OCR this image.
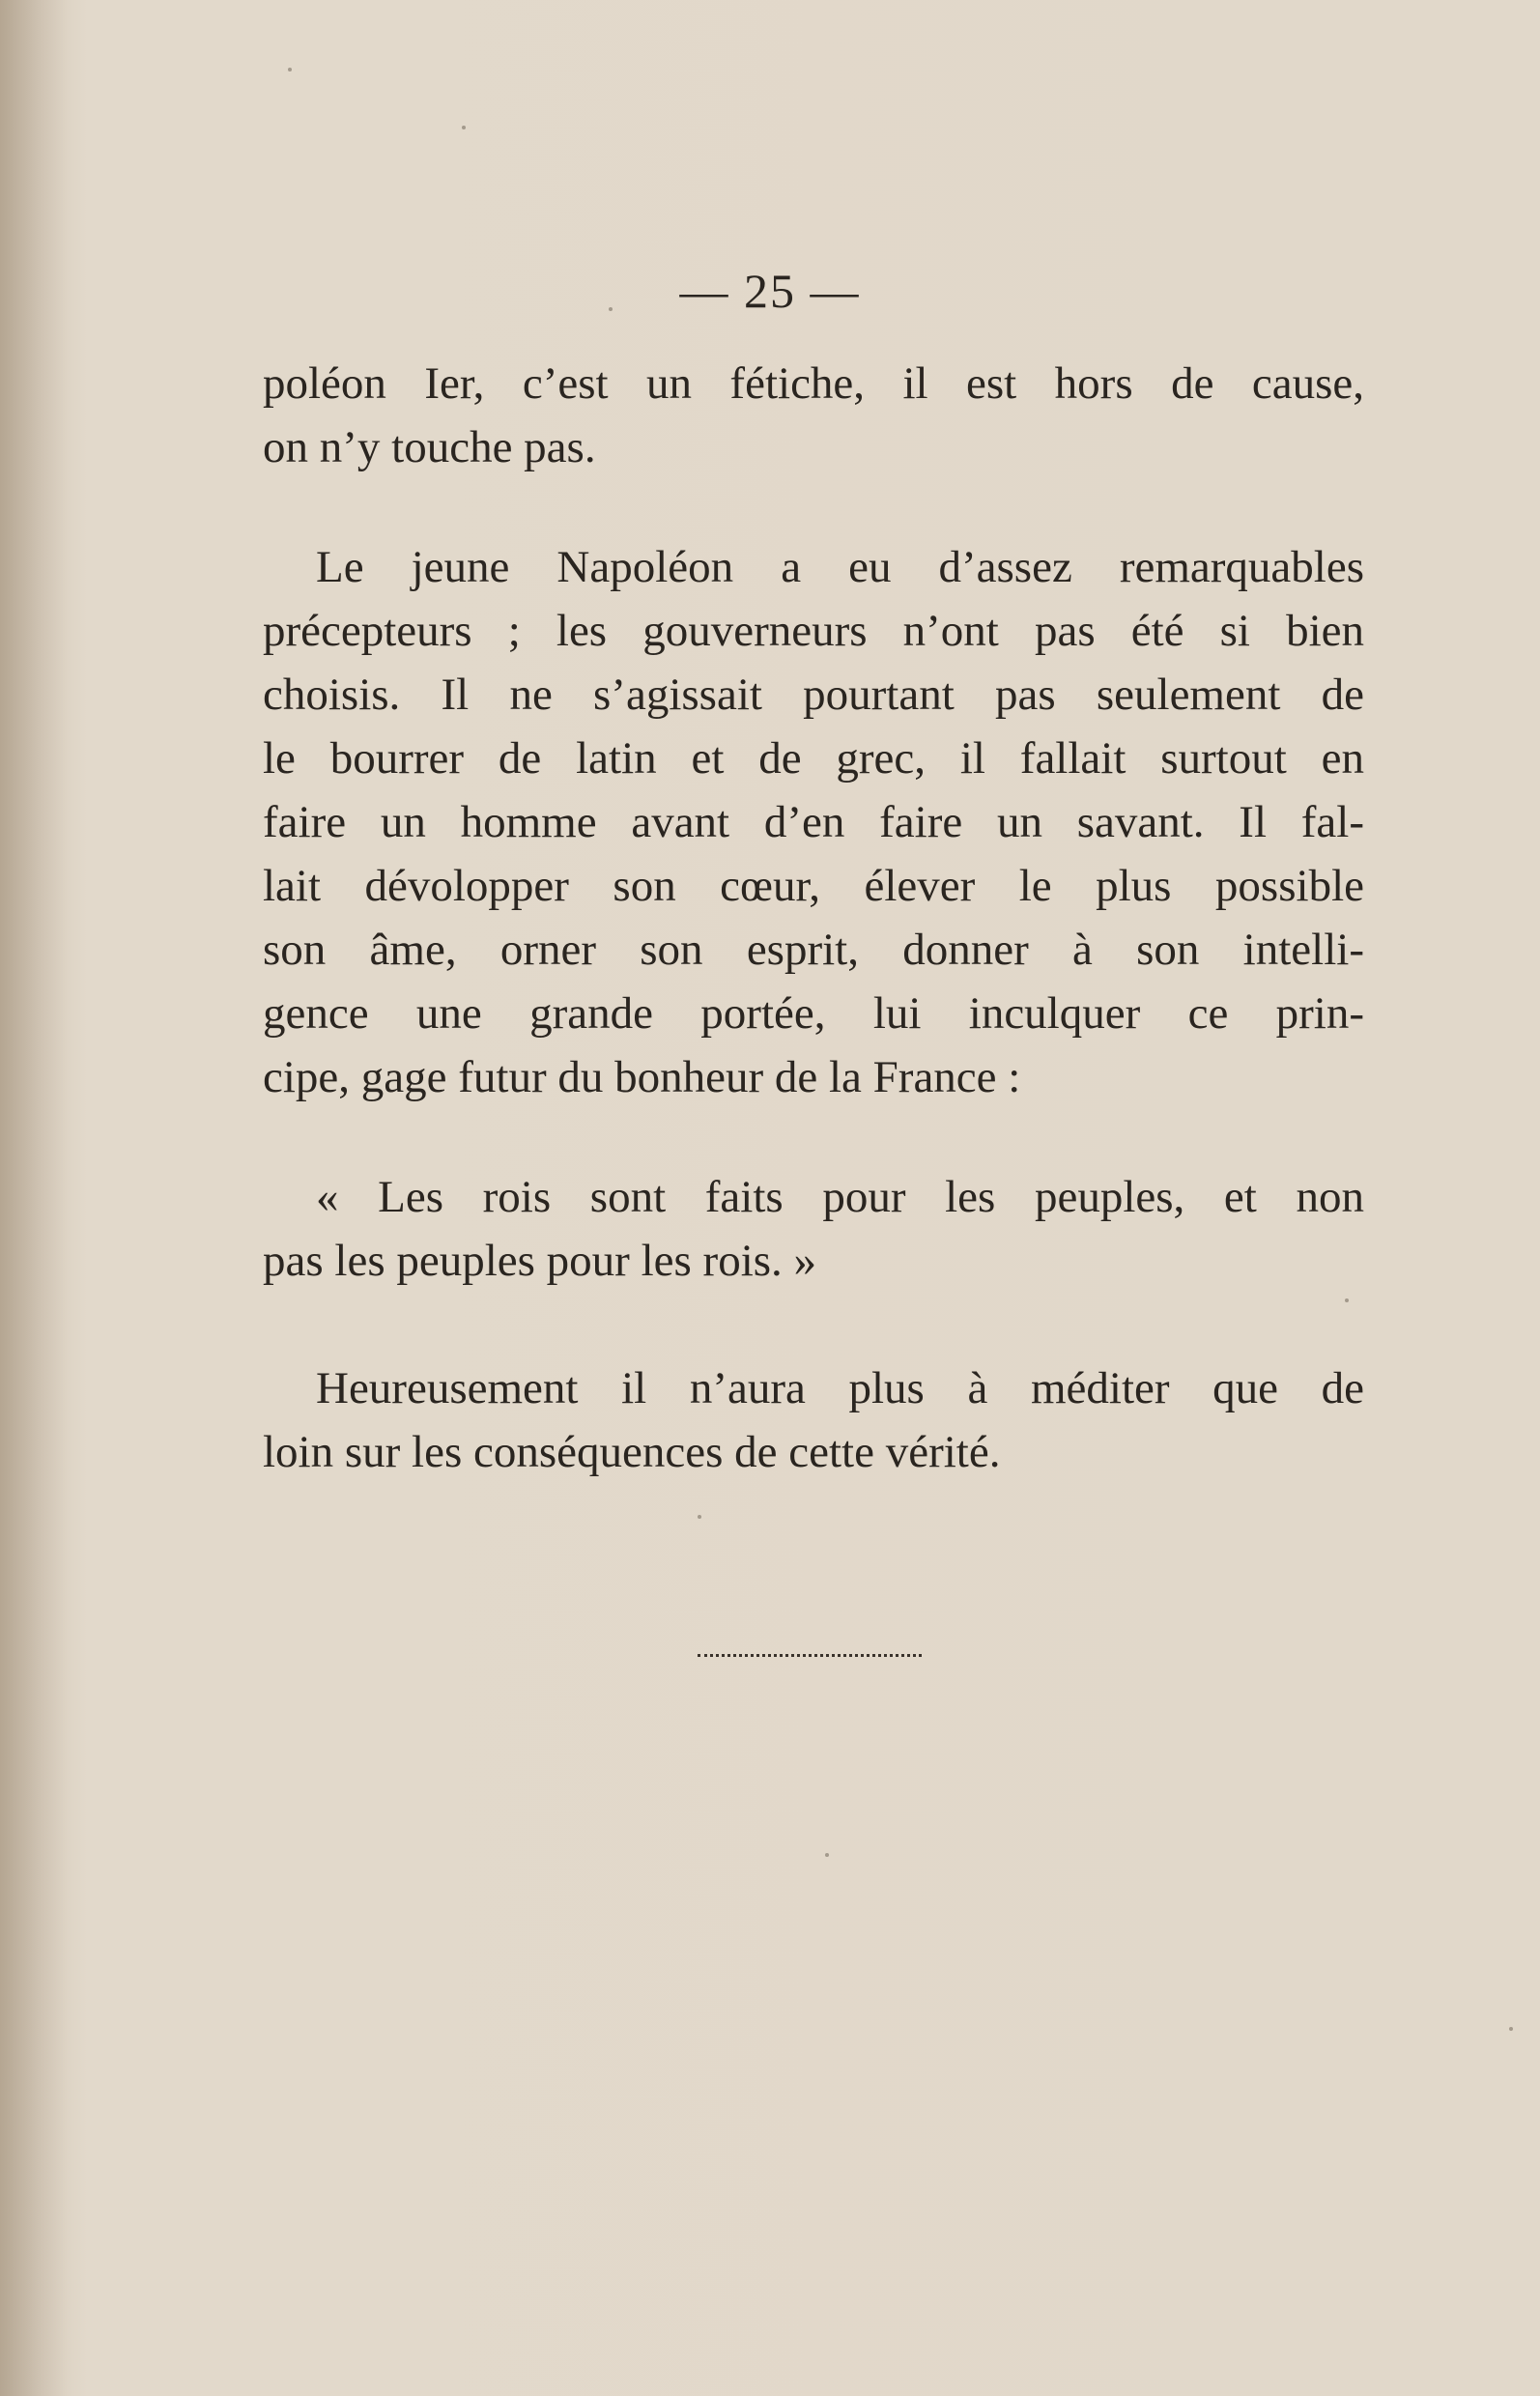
— 25 —
poléon Ier, c’est un fétiche, il est hors de cause,
on n’y touche pas.
Le jeune Napoléon a eu d’assez remarquables
précepteurs ; les gouverneurs n’ont pas été si bien
choisis. Il ne s’agissait pourtant pas seulement de
le bourrer de latin et de grec, il fallait surtout en
faire un homme avant d’en faire un savant. Il fal-
lait dévolopper son cœur, élever le plus possible
son âme, orner son esprit, donner à son intelli-
gence une grande portée, lui inculquer ce prin-
cipe, gage futur du bonheur de la France :
« Les rois sont faits pour les peuples, et non
pas les peuples pour les rois. »
Heureusement il n’aura plus à méditer que de
loin sur les conséquences de cette vérité.
